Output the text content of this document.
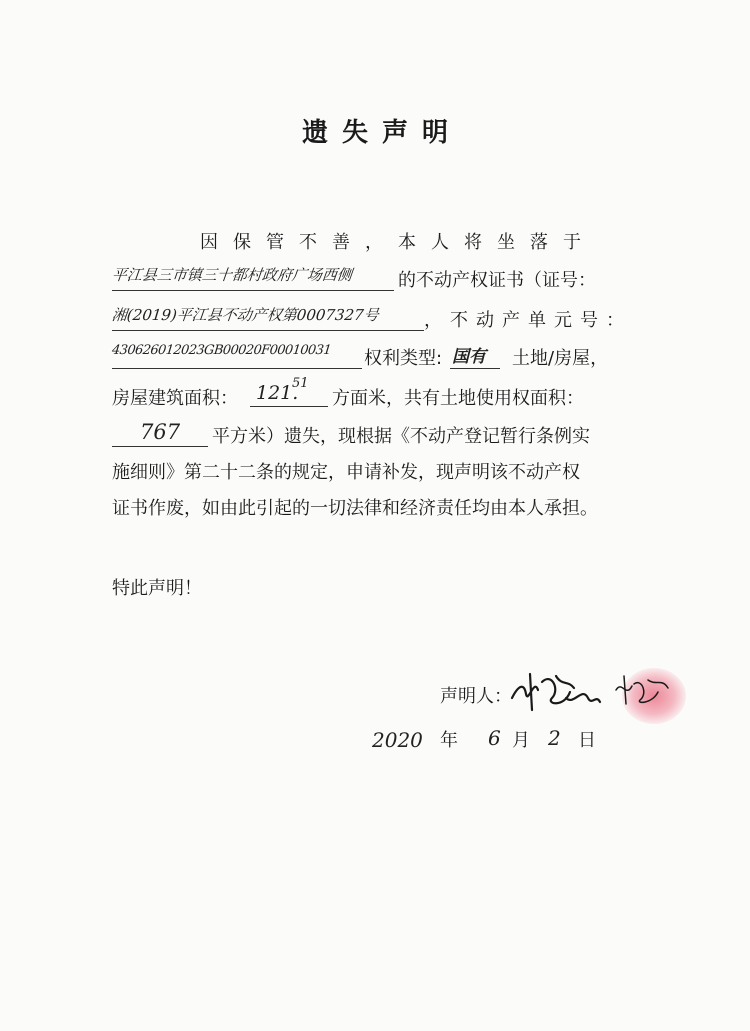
遗失声明
因保管不善，本人将坐落于
平江县三市镇三十都村政府广场西侧	的不动产权证书（证号：
湘(2019)平江县不动产权第0007327号 ，不动产单元号：
430626012023GB00020F00010031 权利类型: 国有 土地/房屋，
房屋建筑面积： 121.
51
方面米，共有土地使用权面积：
767 平方米）遗失，现根据《不动产登记暂行条例实
施细则》第二十二条的规定，申请补发，现声明该不动产权
证书作废，如由此引起的一切法律和经济责任均由本人承担。
特此声明！
声明人：
2020 年 6 月 2 日
